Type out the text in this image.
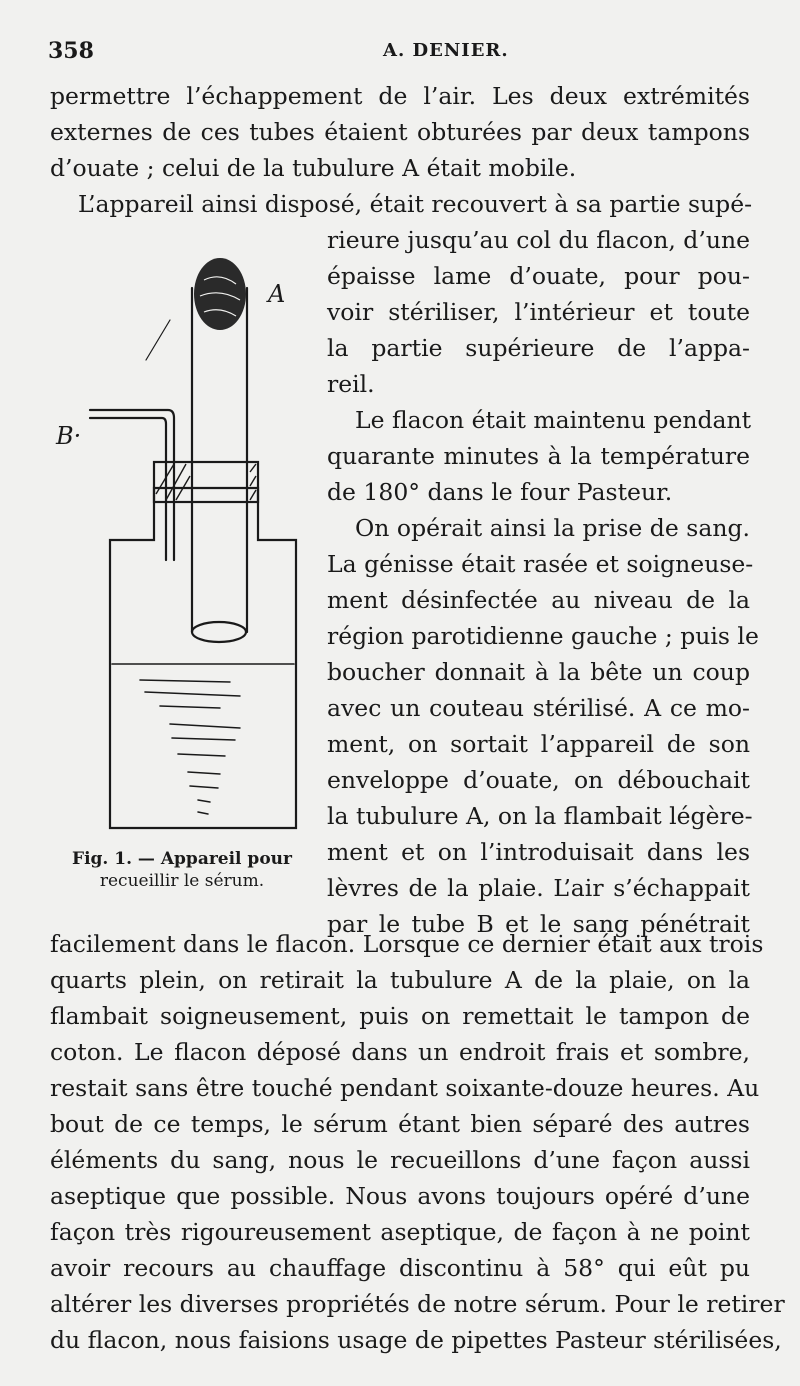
358	A. DENIER.
permettre l’échappement de l’air. Les deux extrémités
externes de ces tubes étaient obturées par deux tampons
d’ouate ; celui de la tubulure A était mobile.
L’appareil ainsi disposé, était recouvert à sa partie supé-
rieure jusqu’au col du flacon, d’une
épaisse lame d’ouate, pour pou-
voir stériliser, l’intérieur et toute
la partie supérieure de l’appa-
reil.
Le flacon était maintenu pendant
quarante minutes à la température
de 180° dans le four Pasteur.
On opérait ainsi la prise de sang.
La génisse était rasée et soigneuse-
ment désinfectée au niveau de la
région parotidienne gauche ; puis le
boucher donnait à la bête un coup
avec un couteau stérilisé. A ce mo-
ment, on sortait l’appareil de son
enveloppe d’ouate, on débouchait
la tubulure A, on la flambait légère-
ment et on l’introduisait dans les
lèvres de la plaie. L’air s’échappait
par le tube B et le sang pénétrait
facilement dans le flacon. Lorsque ce dernier était aux trois
quarts plein, on retirait la tubulure A de la plaie, on la
flambait soigneusement, puis on remettait le tampon de
coton. Le flacon déposé dans un endroit frais et sombre,
restait sans être touché pendant soixante-douze heures. Au
bout de ce temps, le sérum étant bien séparé des autres
éléments du sang, nous le recueillons d’une façon aussi
aseptique que possible. Nous avons toujours opéré d’une
façon très rigoureusement aseptique, de façon à ne point
avoir recours au chauffage discontinu à 58° qui eût pu
altérer les diverses propriétés de notre sérum. Pour le retirer
du flacon, nous faisions usage de pipettes Pasteur stérilisées,
A
B·
Fig. 1. — Appareil pour
recueillir le sérum.
